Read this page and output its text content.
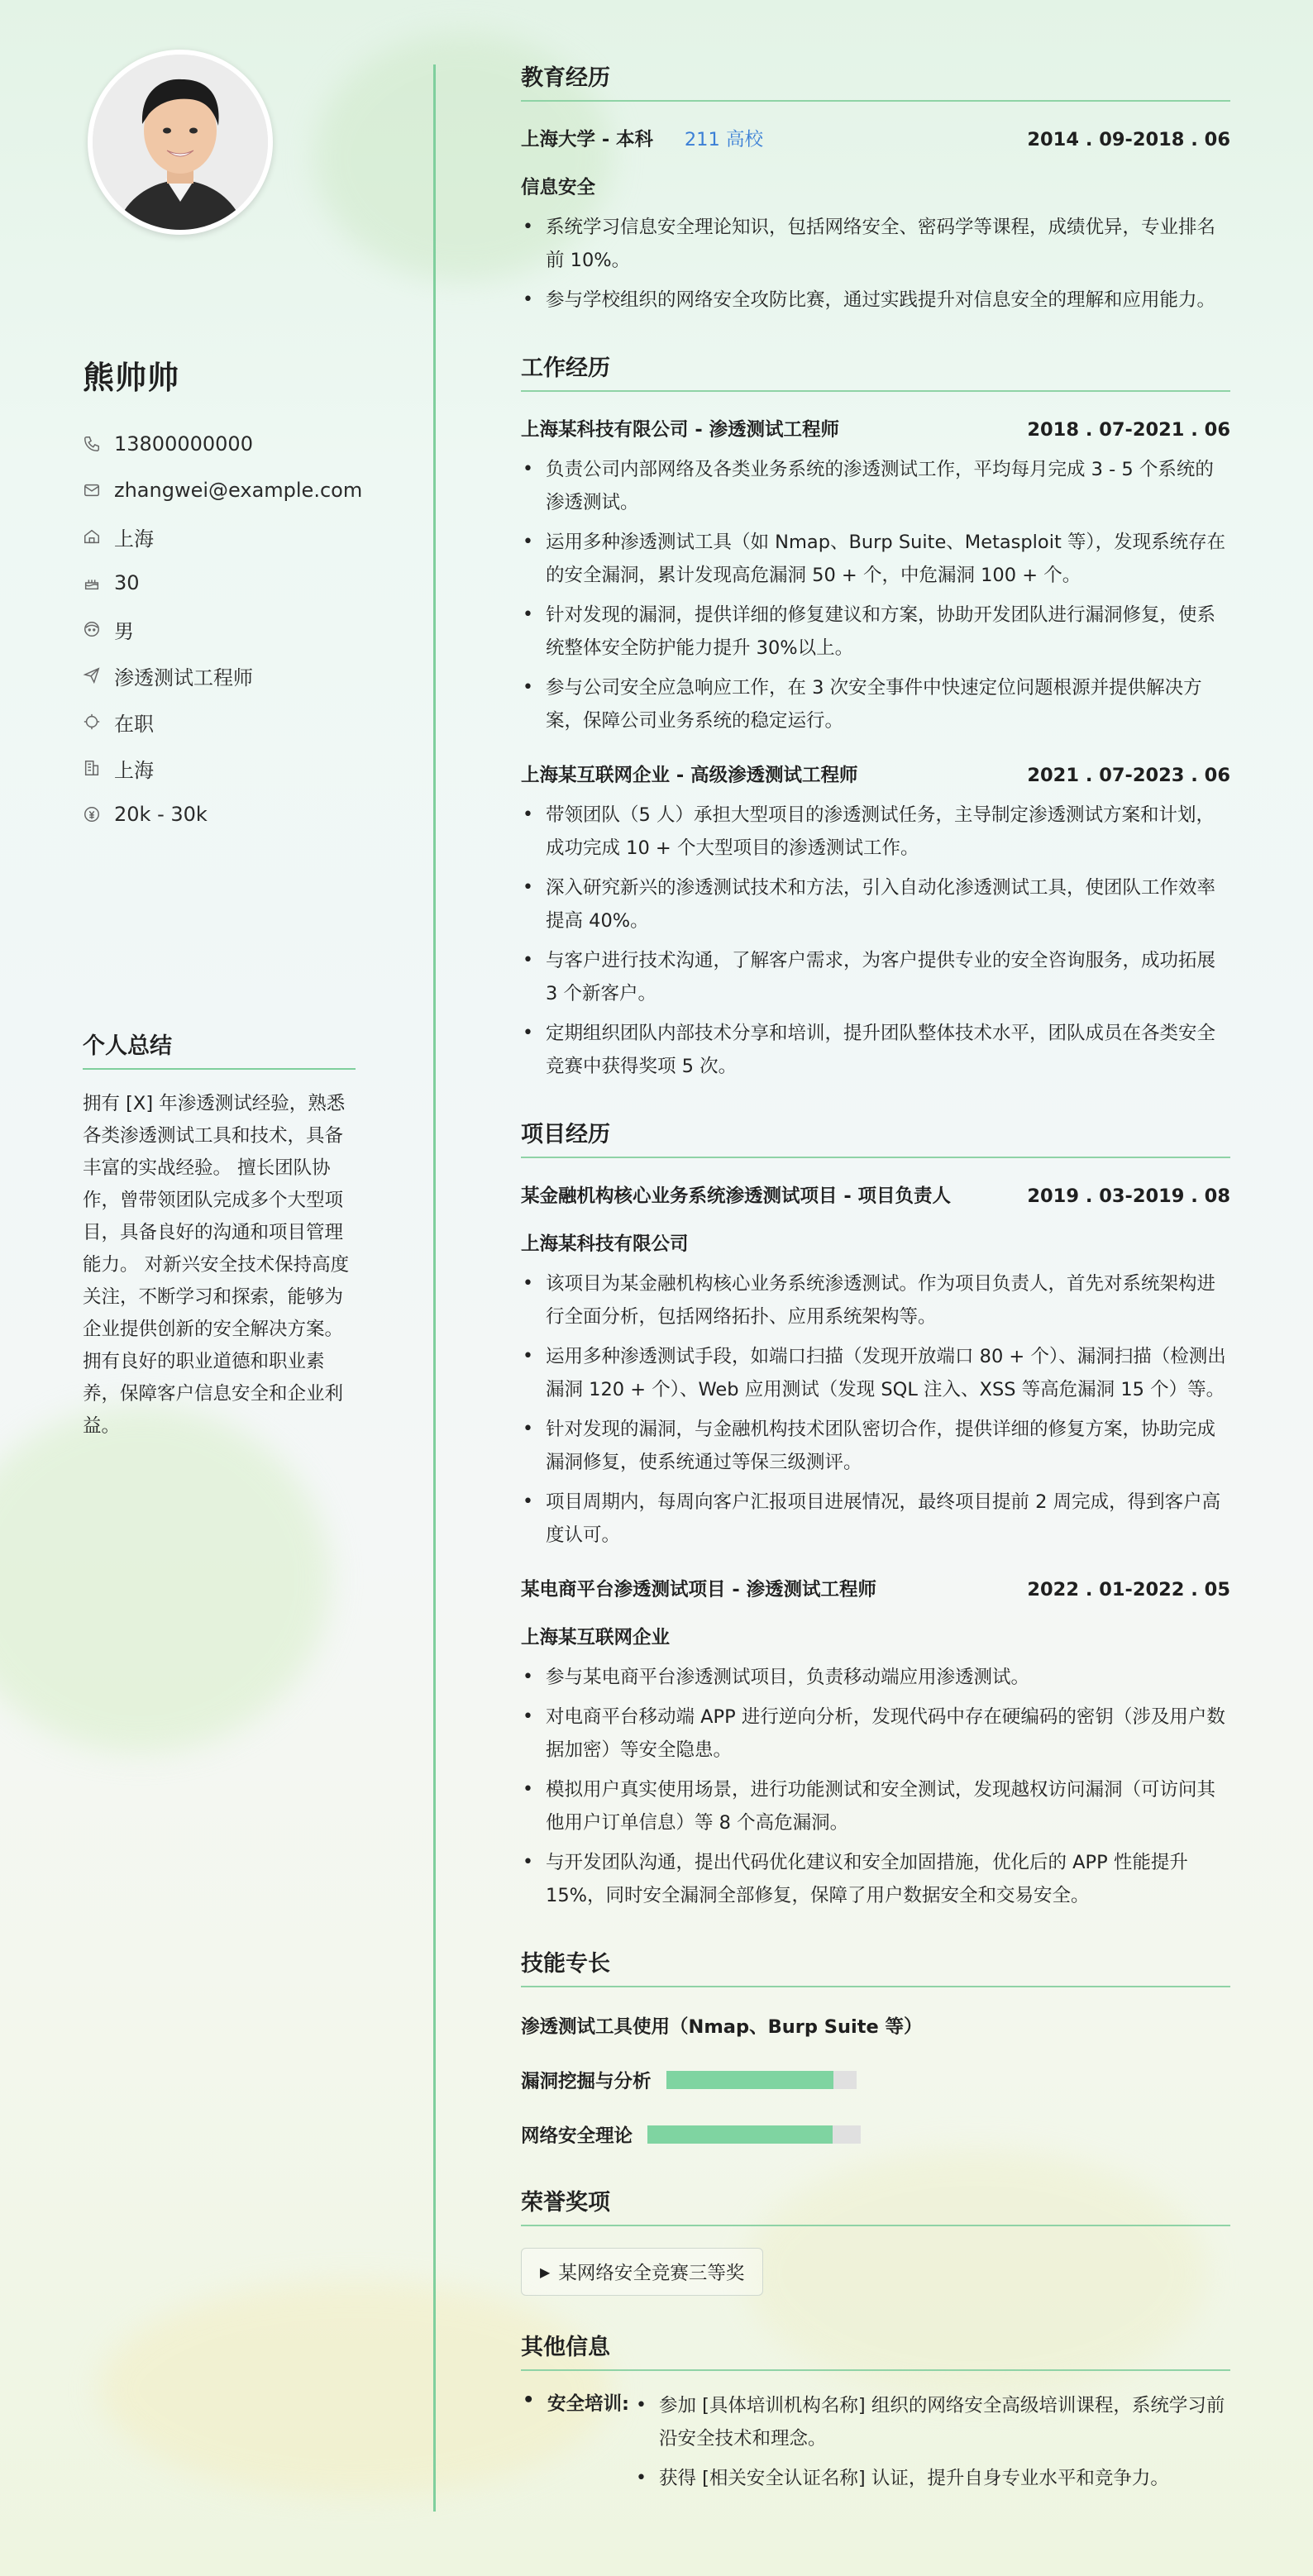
熊帅帅
13800000000
zhangwei@example.com
上海
30
男
渗透测试工程师
在职
上海
20k - 30k
个人总结
拥有 [X] 年渗透测试经验，熟悉各类渗透测试工具和技术，具备丰富的实战经验。 擅长团队协作，曾带领团队完成多个大型项目，具备良好的沟通和项目管理能力。 对新兴安全技术保持高度关注，不断学习和探索，能够为企业提供创新的安全解决方案。 拥有良好的职业道德和职业素养，保障客户信息安全和企业利益。
教育经历
上海大学 - 本科 211 高校	2014 . 09-2018 . 06
信息安全
• 系统学习信息安全理论知识，包括网络安全、密码学等课程，成绩优异，专业排名前 10%。
• 参与学校组织的网络安全攻防比赛，通过实践提升对信息安全的理解和应用能力。
工作经历
上海某科技有限公司 - 渗透测试工程师	2018 . 07-2021 . 06
• 负责公司内部网络及各类业务系统的渗透测试工作，平均每月完成 3 - 5 个系统的渗透测试。
• 运用多种渗透测试工具（如 Nmap、Burp Suite、Metasploit 等），发现系统存在的安全漏洞，累计发现高危漏洞 50 + 个，中危漏洞 100 + 个。
• 针对发现的漏洞，提供详细的修复建议和方案，协助开发团队进行漏洞修复，使系统整体安全防护能力提升 30%以上。
• 参与公司安全应急响应工作，在 3 次安全事件中快速定位问题根源并提供解决方案，保障公司业务系统的稳定运行。
上海某互联网企业 - 高级渗透测试工程师	2021 . 07-2023 . 06
• 带领团队（5 人）承担大型项目的渗透测试任务，主导制定渗透测试方案和计划，成功完成 10 + 个大型项目的渗透测试工作。
• 深入研究新兴的渗透测试技术和方法，引入自动化渗透测试工具，使团队工作效率提高 40%。
• 与客户进行技术沟通，了解客户需求，为客户提供专业的安全咨询服务，成功拓展 3 个新客户。
• 定期组织团队内部技术分享和培训，提升团队整体技术水平，团队成员在各类安全竞赛中获得奖项 5 次。
项目经历
某金融机构核心业务系统渗透测试项目 - 项目负责人	2019 . 03-2019 . 08
上海某科技有限公司
• 该项目为某金融机构核心业务系统渗透测试。作为项目负责人，首先对系统架构进行全面分析，包括网络拓扑、应用系统架构等。
• 运用多种渗透测试手段，如端口扫描（发现开放端口 80 + 个）、漏洞扫描（检测出漏洞 120 + 个）、Web 应用测试（发现 SQL 注入、XSS 等高危漏洞 15 个）等。
• 针对发现的漏洞，与金融机构技术团队密切合作，提供详细的修复方案，协助完成漏洞修复，使系统通过等保三级测评。
• 项目周期内，每周向客户汇报项目进展情况，最终项目提前 2 周完成，得到客户高度认可。
某电商平台渗透测试项目 - 渗透测试工程师	2022 . 01-2022 . 05
上海某互联网企业
• 参与某电商平台渗透测试项目，负责移动端应用渗透测试。
• 对电商平台移动端 APP 进行逆向分析，发现代码中存在硬编码的密钥（涉及用户数据加密）等安全隐患。
• 模拟用户真实使用场景，进行功能测试和安全测试，发现越权访问漏洞（可访问其他用户订单信息）等 8 个高危漏洞。
• 与开发团队沟通，提出代码优化建议和安全加固措施，优化后的 APP 性能提升 15%，同时安全漏洞全部修复，保障了用户数据安全和交易安全。
技能专长
渗透测试工具使用（Nmap、Burp Suite 等）
漏洞挖掘与分析
网络安全理论
荣誉奖项
▶ 某网络安全竞赛三等奖
其他信息
• 安全培训:
•	参加 [具体培训机构名称] 组织的网络安全高级培训课程，系统学习前沿安全技术和理念。
• 获得 [相关安全认证名称] 认证，提升自身专业水平和竞争力。
